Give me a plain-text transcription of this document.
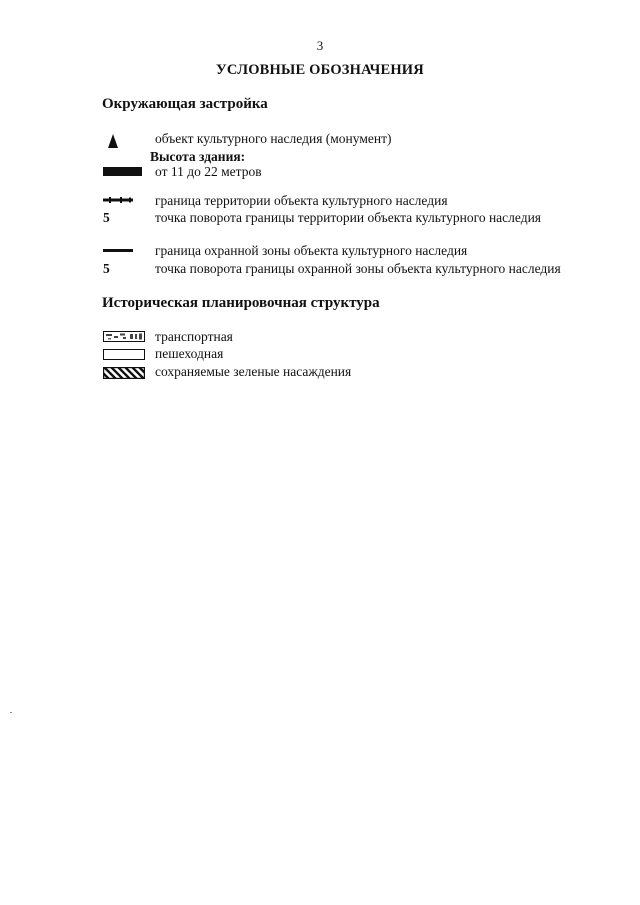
3
УСЛОВНЫЕ ОБОЗНАЧЕНИЯ
Окружающая застройка
объект культурного наследия (монумент)
Высота здания:
от 11 до 22 метров
граница территории объекта культурного наследия
5	точка поворота границы территории объекта культурного наследия
граница охранной зоны объекта культурного наследия
5	точка поворота границы охранной зоны объекта культурного наследия
Историческая планировочная структура
транспортная
пешеходная
сохраняемые зеленые насаждения
